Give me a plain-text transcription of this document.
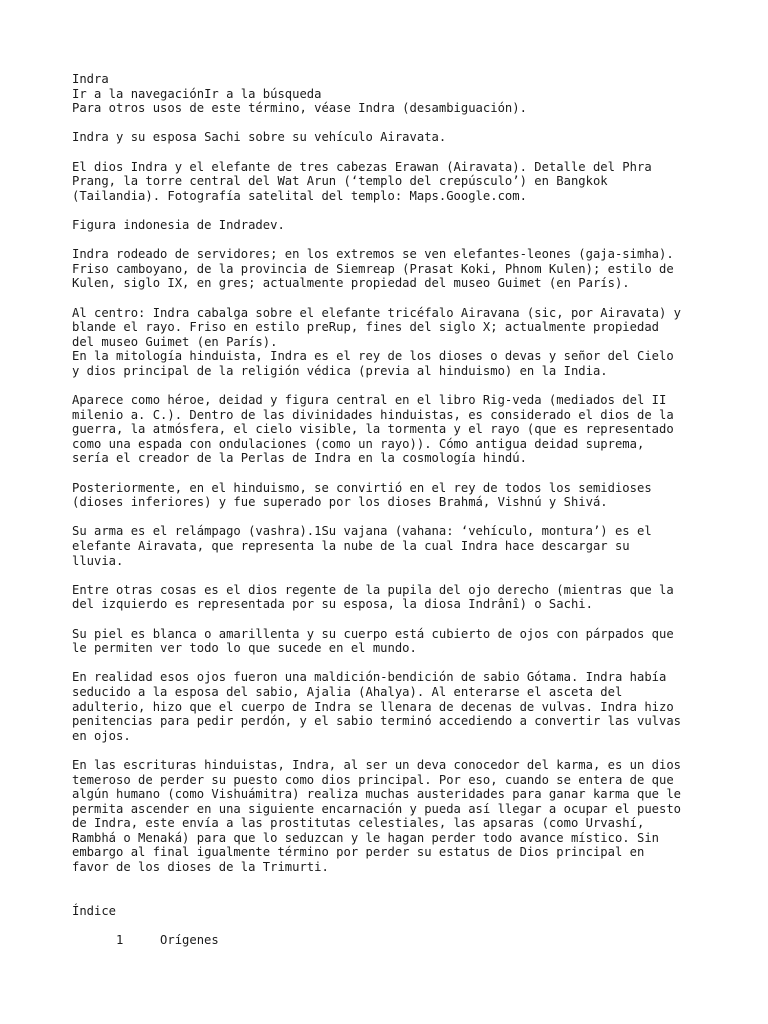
Indra
Ir a la navegaciónIr a la búsqueda
Para otros usos de este término, véase Indra (desambiguación).
Indra y su esposa Sachi sobre su vehículo Airavata.
El dios Indra y el elefante de tres cabezas Erawan (Airavata). Detalle del Phra
Prang, la torre central del Wat Arun (‘templo del crepúsculo’) en Bangkok
(Tailandia). Fotografía satelital del templo: Maps.Google.com.
Figura indonesia de Indradev.
Indra rodeado de servidores; en los extremos se ven elefantes-leones (gaja-simha).
Friso camboyano, de la provincia de Siemreap (Prasat Koki, Phnom Kulen); estilo de
Kulen, siglo IX, en gres; actualmente propiedad del museo Guimet (en París).
Al centro: Indra cabalga sobre el elefante tricéfalo Airavana (sic, por Airavata) y
blande el rayo. Friso en estilo preRup, fines del siglo X; actualmente propiedad
del museo Guimet (en París).
En la mitología hinduista, Indra es el rey de los dioses o devas y señor del Cielo
y dios principal de la religión védica (previa al hinduismo) en la India.
Aparece como héroe, deidad y figura central en el libro Rig-veda (mediados del II
milenio a. C.). Dentro de las divinidades hinduistas, es considerado el dios de la
guerra, la atmósfera, el cielo visible, la tormenta y el rayo (que es representado
como una espada con ondulaciones (como un rayo)). Cómo antigua deidad suprema,
sería el creador de la Perlas de Indra en la cosmología hindú.
Posteriormente, en el hinduismo, se convirtió en el rey de todos los semidioses
(dioses inferiores) y fue superado por los dioses Brahmá, Vishnú y Shivá.
Su arma es el relámpago (vashra).1Su vajana (vahana: ‘vehículo, montura’) es el
elefante Airavata, que representa la nube de la cual Indra hace descargar su
lluvia.
Entre otras cosas es el dios regente de la pupila del ojo derecho (mientras que la
del izquierdo es representada por su esposa, la diosa Indrânî) o Sachi.
Su piel es blanca o amarillenta y su cuerpo está cubierto de ojos con párpados que
le permiten ver todo lo que sucede en el mundo.
En realidad esos ojos fueron una maldición-bendición de sabio Gótama. Indra había
seducido a la esposa del sabio, Ajalia (Ahalya). Al enterarse el asceta del
adulterio, hizo que el cuerpo de Indra se llenara de decenas de vulvas. Indra hizo
penitencias para pedir perdón, y el sabio terminó accediendo a convertir las vulvas
en ojos.
En las escrituras hinduistas, Indra, al ser un deva conocedor del karma, es un dios
temeroso de perder su puesto como dios principal. Por eso, cuando se entera de que
algún humano (como Vishuámitra) realiza muchas austeridades para ganar karma que le
permita ascender en una siguiente encarnación y pueda así llegar a ocupar el puesto
de Indra, este envía a las prostitutas celestiales, las apsaras (como Urvashí,
Rambhá o Menaká) para que lo seduzcan y le hagan perder todo avance místico. Sin
embargo al final igualmente término por perder su estatus de Dios principal en
favor de los dioses de la Trimurti.
Índice

1	Orígenes
